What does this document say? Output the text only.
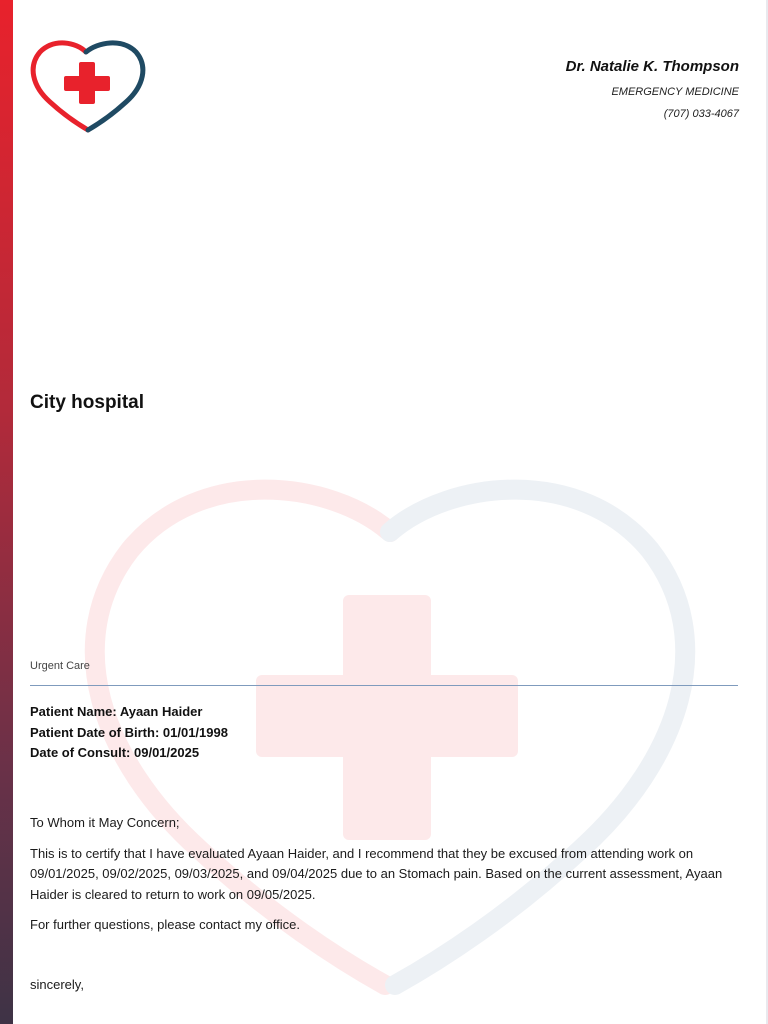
Dr. Natalie K. Thompson
EMERGENCY MEDICINE
(707) 033-4067
City hospital
Urgent Care
Patient Name: Ayaan Haider
Patient Date of Birth: 01/01/1998
Date of Consult: 09/01/2025

To Whom it May Concern;

This is to certify that I have evaluated Ayaan Haider, and I recommend that they be excused from attending work on 09/01/2025, 09/02/2025, 09/03/2025, and 09/04/2025 due to an Stomach pain. Based on the current assessment, Ayaan Haider is cleared to return to work on 09/05/2025.

For further questions, please contact my office.

sincerely,
